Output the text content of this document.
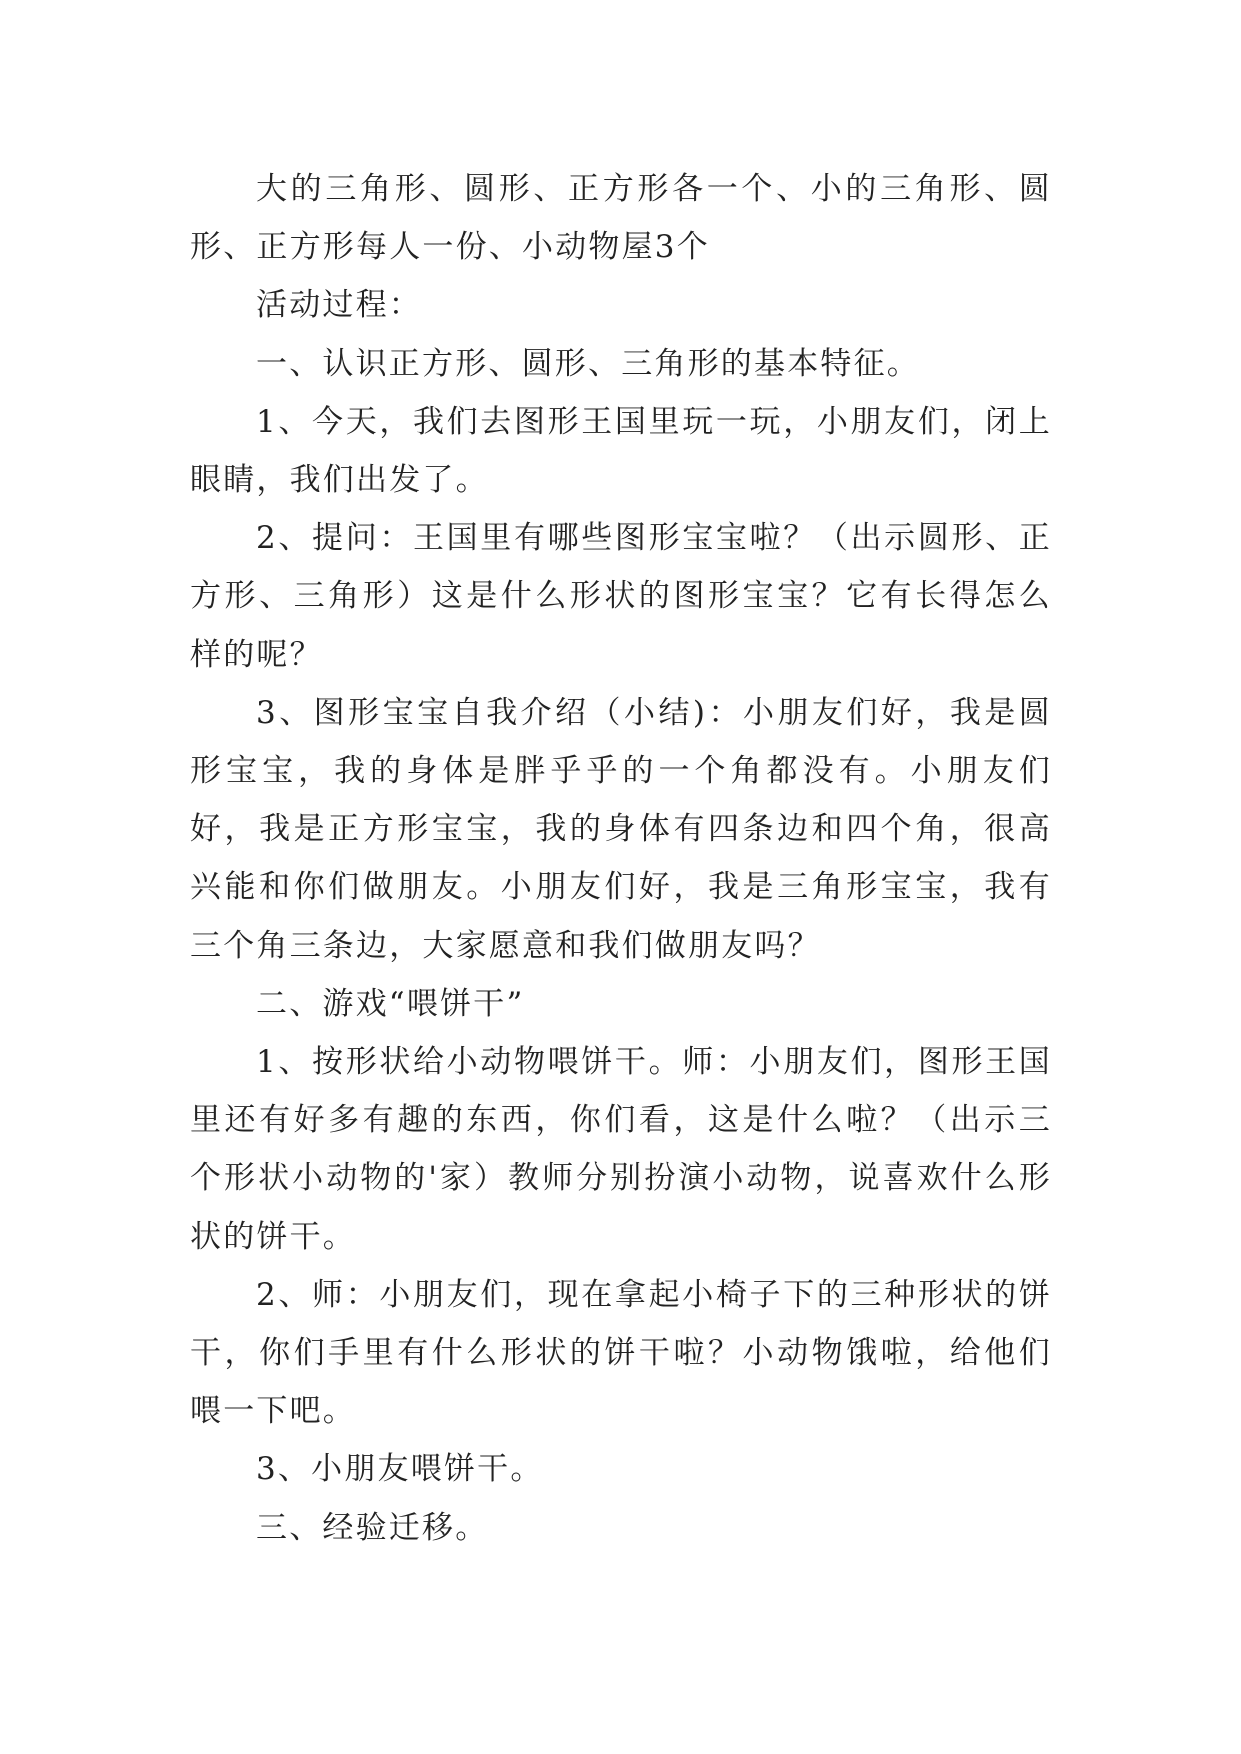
大的三角形、圆形、正方形各一个、小的三角形、圆形、正方形每人一份、小动物屋3个

活动过程：

一、认识正方形、圆形、三角形的基本特征。

1、今天，我们去图形王国里玩一玩，小朋友们，闭上眼睛，我们出发了。

2、提问：王国里有哪些图形宝宝啦？（出示圆形、正方形、三角形）这是什么形状的图形宝宝？它有长得怎么样的呢？

3、图形宝宝自我介绍（小结)：小朋友们好，我是圆形宝宝，我的身体是胖乎乎的一个角都没有。小朋友们好，我是正方形宝宝，我的身体有四条边和四个角，很高兴能和你们做朋友。小朋友们好，我是三角形宝宝，我有三个角三条边，大家愿意和我们做朋友吗？

二、游戏“喂饼干”

1、按形状给小动物喂饼干。师：小朋友们，图形王国里还有好多有趣的东西，你们看，这是什么啦？（出示三个形状小动物的'家）教师分别扮演小动物，说喜欢什么形状的饼干。

2、师：小朋友们，现在拿起小椅子下的三种形状的饼干，你们手里有什么形状的饼干啦？小动物饿啦，给他们喂一下吧。

3、小朋友喂饼干。

三、经验迁移。
